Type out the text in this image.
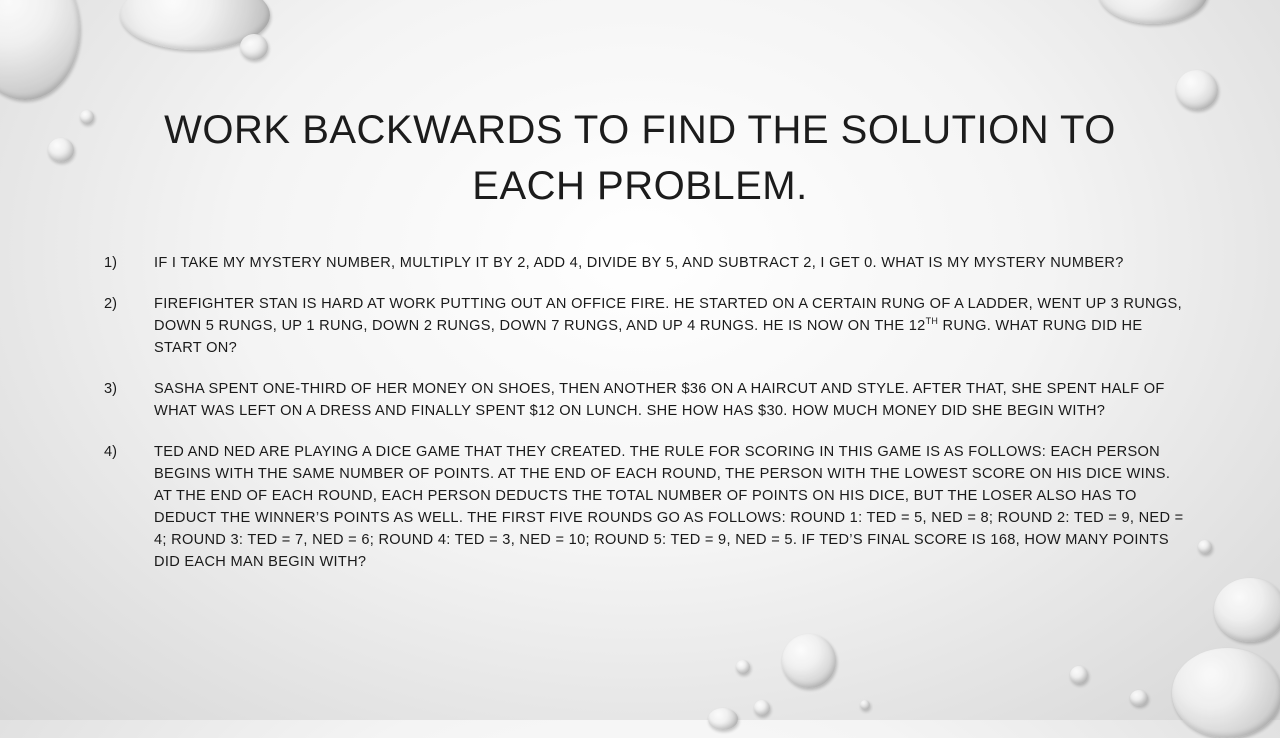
WORK BACKWARDS TO FIND THE SOLUTION TO EACH PROBLEM.
1)	IF I TAKE MY MYSTERY NUMBER, MULTIPLY IT BY 2, ADD 4, DIVIDE BY 5, AND SUBTRACT 2, I GET 0. WHAT IS MY MYSTERY NUMBER?
2)	FIREFIGHTER STAN IS HARD AT WORK PUTTING OUT AN OFFICE FIRE. HE STARTED ON A CERTAIN RUNG OF A LADDER, WENT UP 3 RUNGS, DOWN 5 RUNGS, UP 1 RUNG, DOWN 2 RUNGS, DOWN 7 RUNGS, AND UP 4 RUNGS. HE IS NOW ON THE 12TH RUNG. WHAT RUNG DID HE START ON?
3)	SASHA SPENT ONE-THIRD OF HER MONEY ON SHOES, THEN ANOTHER $36 ON A HAIRCUT AND STYLE. AFTER THAT, SHE SPENT HALF OF WHAT WAS LEFT ON A DRESS AND FINALLY SPENT $12 ON LUNCH. SHE HOW HAS $30. HOW MUCH MONEY DID SHE BEGIN WITH?
4)	TED AND NED ARE PLAYING A DICE GAME THAT THEY CREATED. THE RULE FOR SCORING IN THIS GAME IS AS FOLLOWS: EACH PERSON BEGINS WITH THE SAME NUMBER OF POINTS. AT THE END OF EACH ROUND, THE PERSON WITH THE LOWEST SCORE ON HIS DICE WINS. AT THE END OF EACH ROUND, EACH PERSON DEDUCTS THE TOTAL NUMBER OF POINTS ON HIS DICE, BUT THE LOSER ALSO HAS TO DEDUCT THE WINNER’S POINTS AS WELL. THE FIRST FIVE ROUNDS GO AS FOLLOWS: ROUND 1: TED = 5, NED = 8; ROUND 2: TED = 9, NED = 4; ROUND 3: TED = 7, NED = 6; ROUND 4: TED = 3, NED = 10; ROUND 5: TED = 9, NED = 5. IF TED’S FINAL SCORE IS 168, HOW MANY POINTS DID EACH MAN BEGIN WITH?
